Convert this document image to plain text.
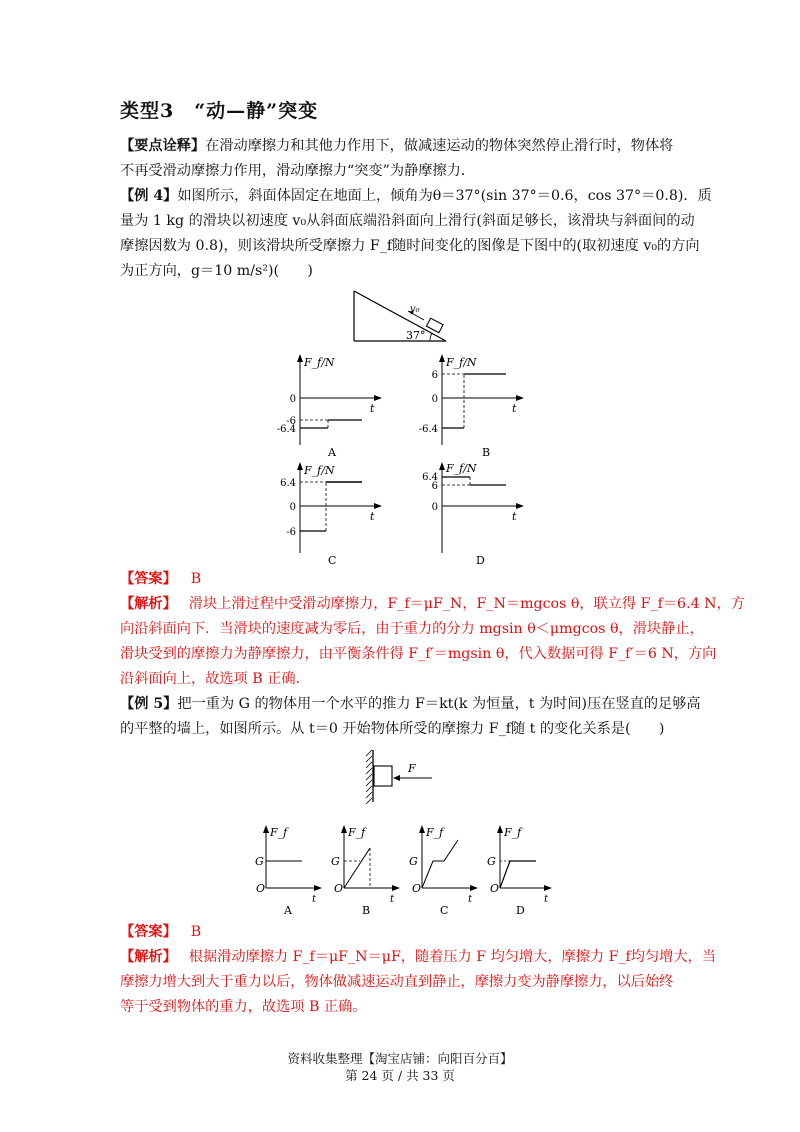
类型3　“动—静”突变
【要点诠释】在滑动摩擦力和其他力作用下，做减速运动的物体突然停止滑行时，物体将
不再受滑动摩擦力作用，滑动摩擦力“突变”为静摩擦力．
【例 4】如图所示，斜面体固定在地面上，倾角为θ＝37°(sin 37°＝0.6，cos 37°＝0.8)．质
量为 1 kg 的滑块以初速度 v₀从斜面底端沿斜面向上滑行(斜面足够长，该滑块与斜面间的动
摩擦因数为 0.8)，则该滑块所受摩擦力 F_f随时间变化的图像是下图中的(取初速度 v₀的方向
为正方向，g＝10 m/s²)(　　)
37°
v₀
F_f/N
t
-6
0
-6.4
A
F_f/N
t
6
0
-6.4
B
F_f/N
t
6.4
0
-6
C
F_f/N
t
6.4
6
0
D
【答案】 B
【解析】 滑块上滑过程中受滑动摩擦力，F_f＝μF_N，F_N＝mgcos θ，联立得 F_f＝6.4 N，方
向沿斜面向下．当滑块的速度减为零后，由于重力的分力 mgsin θ＜μmgcos θ，滑块静止，
滑块受到的摩擦力为静摩擦力，由平衡条件得 F_f′＝mgsin θ，代入数据可得 F_f′＝6 N，方向
沿斜面向上，故选项 B 正确．
【例 5】把一重为 G 的物体用一个水平的推力 F＝kt(k 为恒量，t 为时间)压在竖直的足够高
的平整的墙上，如图所示。从 t＝0 开始物体所受的摩擦力 F_f随 t 的变化关系是(　　)
F
F_f
O
G
t
A
F_f
O
G
t
B
F_f
O
G
t
C
F_f
O
G
t
D
【答案】 B
【解析】 根据滑动摩擦力 F_f＝μF_N＝μF，随着压力 F 均匀增大，摩擦力 F_f均匀增大，当
摩擦力增大到大于重力以后，物体做减速运动直到静止，摩擦力变为静摩擦力，以后始终
等于受到物体的重力，故选项 B 正确。
资料收集整理【淘宝店铺：向阳百分百】
第 24 页 / 共 33 页
